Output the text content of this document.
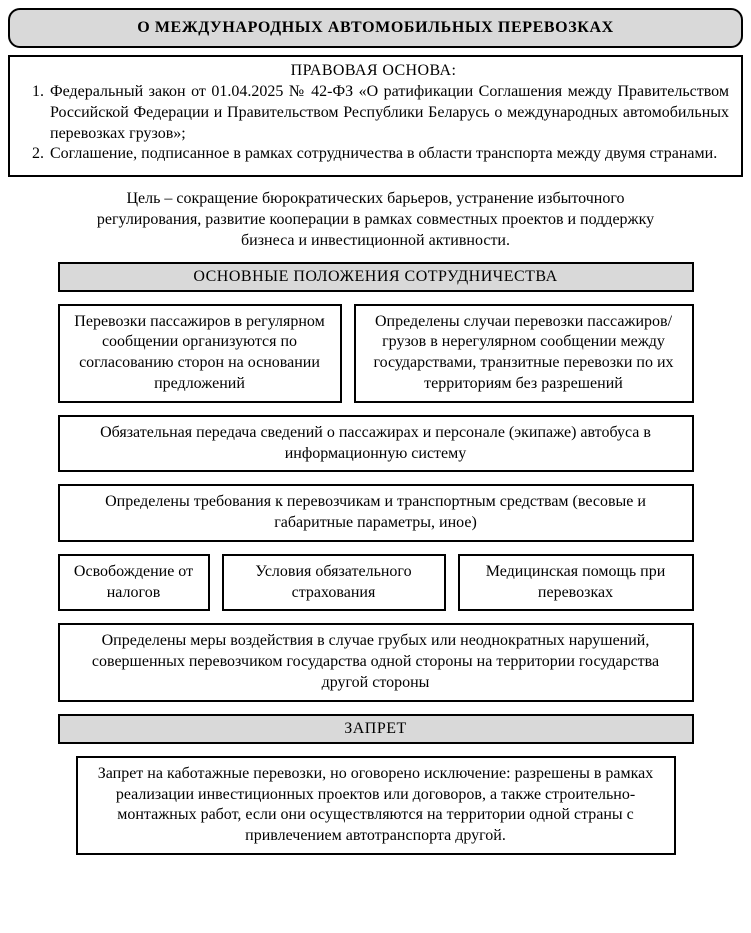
О МЕЖДУНАРОДНЫХ АВТОМОБИЛЬНЫХ ПЕРЕВОЗКАХ
ПРАВОВАЯ ОСНОВА:
1. Федеральный закон от 01.04.2025 № 42-ФЗ «О ратификации Соглашения между Правительством Российской Федерации и Правительством Республики Беларусь о международных автомобильных перевозках грузов»;
2. Соглашение, подписанное в рамках сотрудничества в области транспорта между двумя странами.
Цель – сокращение бюрократических барьеров, устранение избыточного регулирования, развитие кооперации в рамках совместных проектов и поддержку бизнеса и инвестиционной активности.
ОСНОВНЫЕ ПОЛОЖЕНИЯ СОТРУДНИЧЕСТВА
Перевозки пассажиров в регулярном сообщении организуются по согласованию сторон на основании предложений
Определены случаи перевозки пассажиров/грузов в нерегулярном сообщении между государствами, транзитные перевозки по их территориям без разрешений
Обязательная передача сведений о пассажирах и персонале (экипаже) автобуса в информационную систему
Определены требования к перевозчикам и транспортным средствам (весовые и габаритные параметры, иное)
Освобождение от налогов
Условия обязательного страхования
Медицинская помощь при перевозках
Определены меры воздействия в случае грубых или неоднократных нарушений, совершенных перевозчиком государства одной стороны на территории государства другой стороны
ЗАПРЕТ
Запрет на каботажные перевозки, но оговорено исключение: разрешены в рамках реализации инвестиционных проектов или договоров, а также строительно-монтажных работ, если они осуществляются на территории одной страны с привлечением автотранспорта другой.
